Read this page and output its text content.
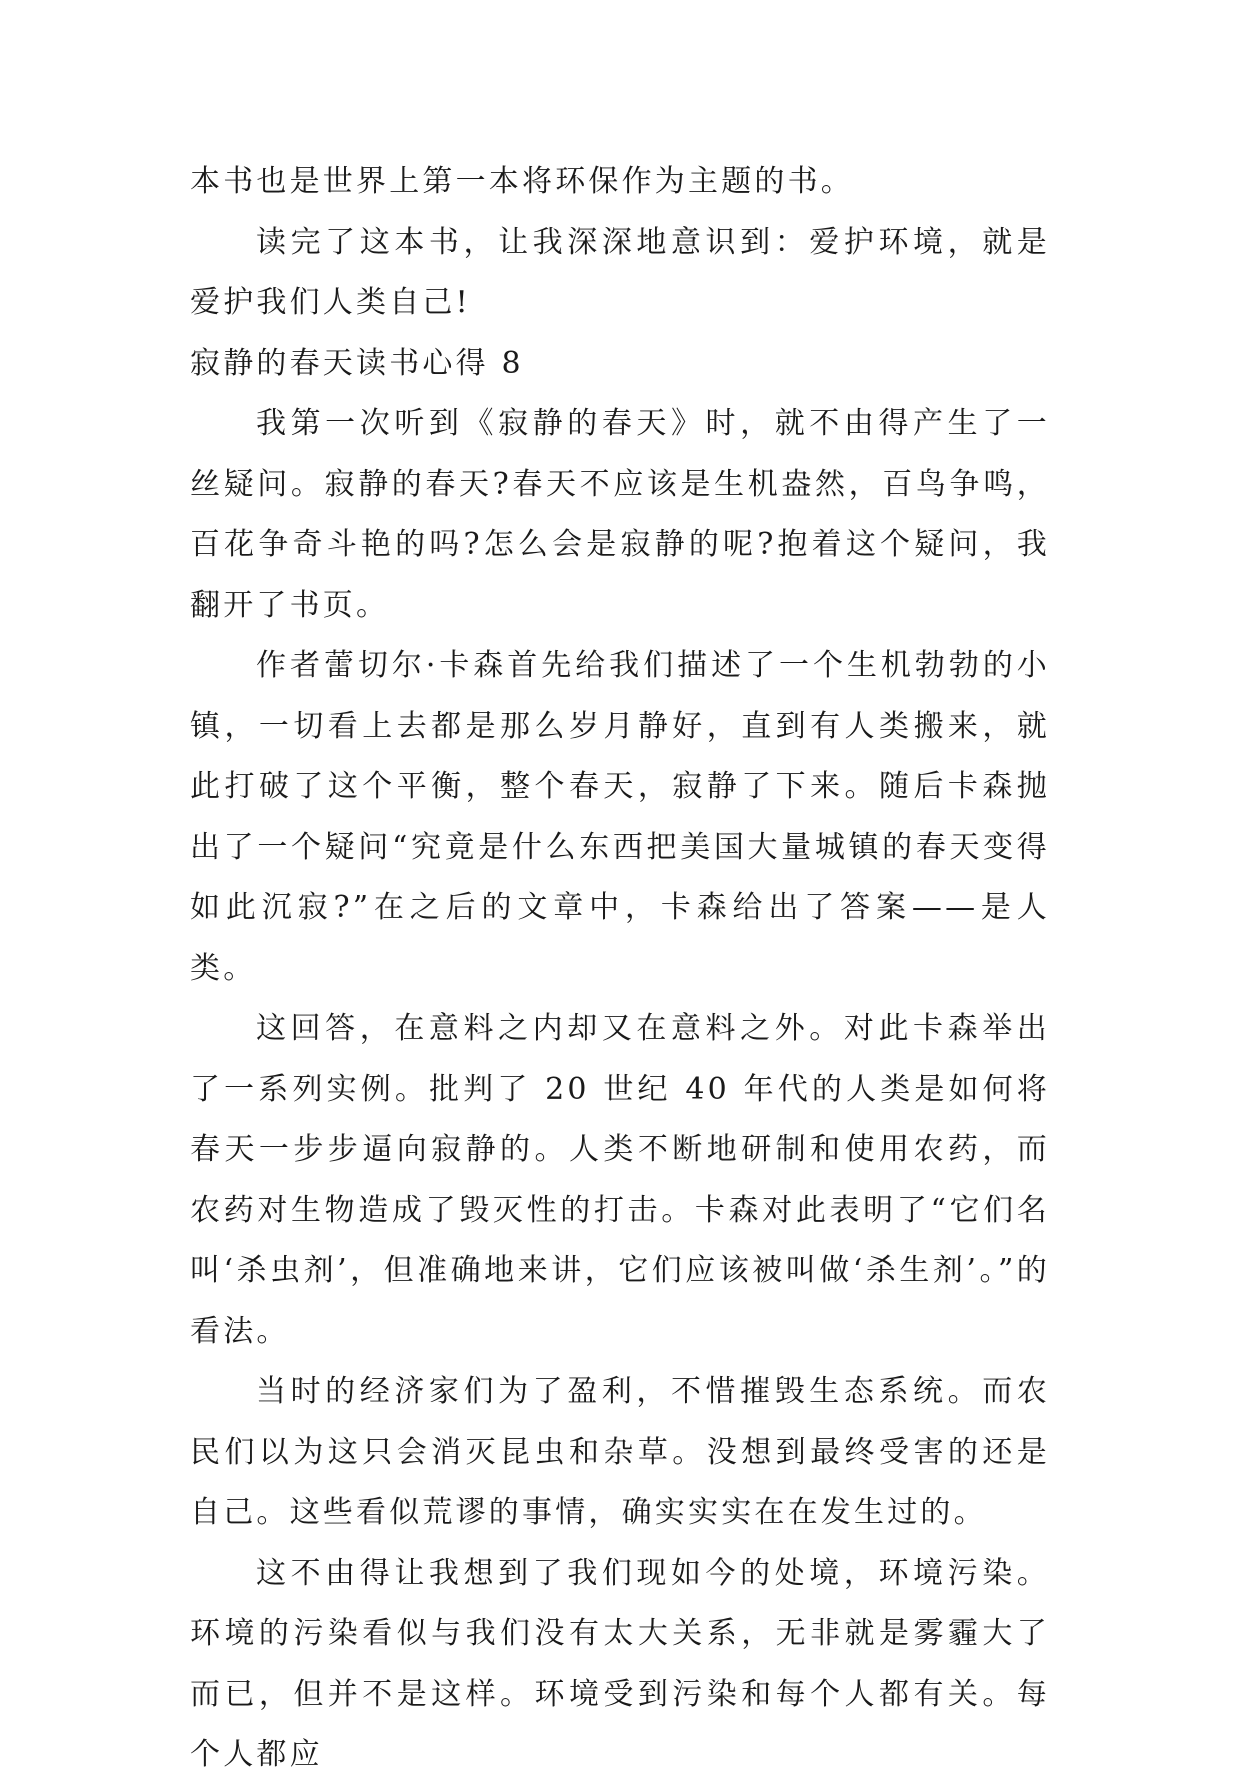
本书也是世界上第一本将环保作为主题的书。

读完了这本书，让我深深地意识到：爱护环境，就是爱护我们人类自己!

寂静的春天读书心得 8

我第一次听到《寂静的春天》时，就不由得产生了一丝疑问。寂静的春天?春天不应该是生机盎然，百鸟争鸣，百花争奇斗艳的吗?怎么会是寂静的呢?抱着这个疑问，我翻开了书页。

作者蕾切尔·卡森首先给我们描述了一个生机勃勃的小镇，一切看上去都是那么岁月静好，直到有人类搬来，就此打破了这个平衡，整个春天，寂静了下来。随后卡森抛出了一个疑问“究竟是什么东西把美国大量城镇的春天变得如此沉寂?”在之后的文章中，卡森给出了答案——是人类。

这回答，在意料之内却又在意料之外。对此卡森举出了一系列实例。批判了 20 世纪 40 年代的人类是如何将春天一步步逼向寂静的。人类不断地研制和使用农药，而农药对生物造成了毁灭性的打击。卡森对此表明了“它们名叫‘杀虫剂’，但准确地来讲，它们应该被叫做‘杀生剂’。”的看法。

当时的经济家们为了盈利，不惜摧毁生态系统。而农民们以为这只会消灭昆虫和杂草。没想到最终受害的还是自己。这些看似荒谬的事情，确实实实在在发生过的。

这不由得让我想到了我们现如今的处境，环境污染。环境的污染看似与我们没有太大关系，无非就是雾霾大了而已，但并不是这样。环境受到污染和每个人都有关。每个人都应
